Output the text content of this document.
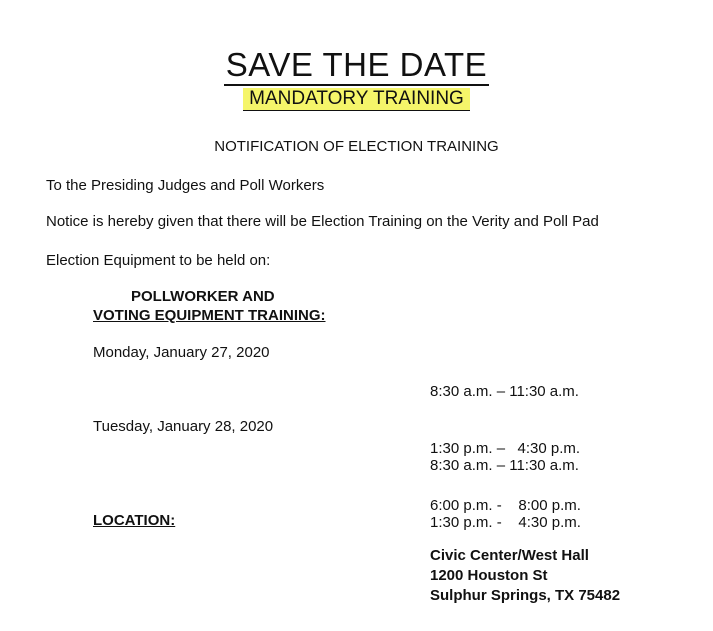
SAVE THE DATE
MANDATORY TRAINING
NOTIFICATION OF ELECTION TRAINING
To the Presiding Judges and Poll Workers
Notice is hereby given that there will be Election Training on the Verity and Poll Pad
Election Equipment to be held on:
POLLWORKER AND
VOTING EQUIPMENT TRAINING:
Monday, January 27, 2020

8:30 a.m. – 11:30 a.m.

1:30 p.m. –   4:30 p.m.

6:00 p.m. -    8:00 p.m.

Tuesday, January 28, 2020

8:30 a.m. – 11:30 a.m.

1:30 p.m. -    4:30 p.m.

LOCATION:
Civic Center/West Hall
1200 Houston St
Sulphur Springs, TX 75482
